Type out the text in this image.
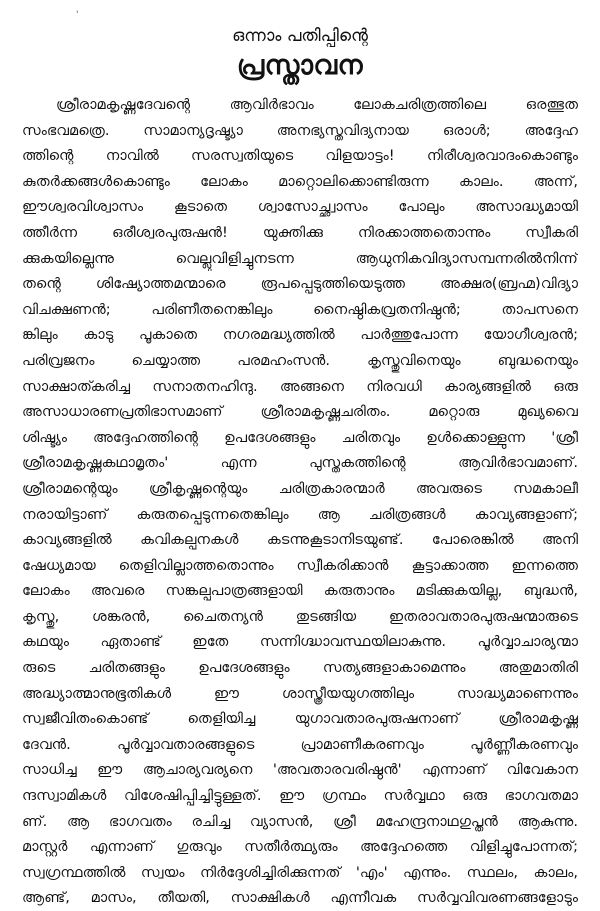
'

ഒന്നാം പതിപ്പിന്റെ

പ്രസ്താവന
ശ്രീരാമകൃഷ്ണദേവന്റെ ആവിർഭാവം ലോകചരിത്രത്തിലെ ഒരത്ഭുത
സംഭവമത്രെ. സാമാന്യദൃഷ്ട്യാ അനഭ്യസ്തവിദ്യനായ ഒരാൾ; അദ്ദേഹ
ത്തിന്റെ നാവിൽ സരസ്വതിയുടെ വിളയാട്ടം! നിരീശ്വരവാദംകൊണ്ടും
കുതർക്കങ്ങൾകൊണ്ടും ലോകം മാറ്റൊലിക്കൊണ്ടിരുന്ന കാലം. അന്ന്,
ഈശ്വരവിശ്വാസം കൂടാതെ ശ്വാസോച്ഛ്വാസം പോലും അസാദ്ധ്യമായി
ത്തീർന്ന ഒരീശ്വരപുരുഷൻ! യുക്തിക്കു നിരക്കാത്തതൊന്നും സ്വീകരി
ക്കുകയില്ലെന്നു വെല്ലുവിളിച്ചുനടന്ന ആധുനികവിദ്യാസമ്പന്നരിൽനിന്ന്
തന്റെ ശിഷ്യോത്തമന്മാരെ രൂപപ്പെടുത്തിയെടുത്ത അക്ഷര(ബ്രഹ്മ)വിദ്യാ
വിചക്ഷണൻ; പരിണീതനെങ്കിലും നൈഷ്ഠികവ്രതനിഷ്ഠൻ; താപസനെ
ങ്കിലും കാടു പൂകാതെ നഗരമദ്ധ്യത്തിൽ പാർത്തുപോന്ന യോഗീശ്വരൻ;
പരിവ്രജനം ചെയ്യാത്ത പരമഹംസൻ. കൃസ്തുവിനെയും ബുദ്ധനെയും
സാക്ഷാത്കരിച്ച സനാതനഹിന്ദു. അങ്ങനെ നിരവധി കാര്യങ്ങളിൽ ഒരു
അസാധാരണപ്രതിഭാസമാണ് ശ്രീരാമകൃഷ്ണചരിതം. മറ്റൊരു മുഖ്യവൈ
ശിഷ്ട്യം അദ്ദേഹത്തിന്റെ ഉപദേശങ്ങളും ചരിതവും ഉൾക്കൊള്ളുന്ന 'ശ്രീ
ശ്രീരാമകൃഷ്ണകഥാമൃതം' എന്ന പുസ്തകത്തിന്റെ ആവിർഭാവമാണ്.
ശ്രീരാമന്റെയും ശ്രീകൃഷ്ണന്റെയും ചരിത്രകാരന്മാർ അവരുടെ സമകാലീ
നരായിട്ടാണ് കരുതപ്പെടുന്നതെങ്കിലും ആ ചരിത്രങ്ങൾ കാവ്യങ്ങളാണ്;
കാവ്യങ്ങളിൽ കവികല്പനകൾ കടന്നുകൂടാനിടയുണ്ട്. പോരെങ്കിൽ അനി
ഷേധ്യമായ തെളിവില്ലാത്തതൊന്നും സ്വീകരിക്കാൻ കൂട്ടാക്കാത്ത ഇന്നത്തെ
ലോകം അവരെ സങ്കല്പപാത്രങ്ങളായി കരുതാനും മടിക്കുകയില്ല, ബുദ്ധൻ,
കൃസ്തു, ശങ്കരൻ, ചൈതന്യൻ തുടങ്ങിയ ഇതരാവതാരപുരുഷന്മാരുടെ
കഥയും ഏതാണ്ട് ഇതേ സന്നിഗ്ദ്ധാവസ്ഥയിലാകുന്നു. പൂർവ്വാചാര്യന്മാ
രുടെ ചരിതങ്ങളും ഉപദേശങ്ങളും സത്യങ്ങളാകാമെന്നും അതുമാതിരി
അദ്ധ്യാത്മാനുഭൂതികൾ ഈ ശാസ്ത്രീയയുഗത്തിലും സാദ്ധ്യമാണെന്നും
സ്വജീവിതംകൊണ്ട് തെളിയിച്ച യുഗാവതാരപുരുഷനാണ് ശ്രീരാമകൃഷ്ണ
ദേവൻ. പൂർവ്വാവതാരങ്ങളുടെ പ്രാമാണീകരണവും പൂർണ്ണീകരണവും
സാധിച്ച ഈ ആചാര്യവര്യനെ 'അവതാരവരിഷ്ഠൻ' എന്നാണ് വിവേകാന
ന്ദസ്വാമികൾ വിശേഷിപ്പിച്ചിട്ടുള്ളത്. ഈ ഗ്രന്ഥം സർവ്വഥാ ഒരു ഭാഗവതമാ
ണ്. ആ ഭാഗവതം രചിച്ച വ്യാസൻ, ശ്രീ മഹേന്ദ്രനാഥഗുപ്തൻ ആകുന്നു.
മാസ്റ്റർ എന്നാണ് ഗുരുവും സതീർത്ഥ്യരും അദ്ദേഹത്തെ വിളിച്ചുപോന്നത്;
സ്വഗ്രന്ഥത്തിൽ സ്വയം നിർദ്ദേശിച്ചിരിക്കുന്നത് 'എം' എന്നും. സ്ഥലം, കാലം,
ആണ്ട്, മാസം, തീയതി, സാക്ഷികൾ എന്നീവക സർവ്വവിവരണങ്ങളോടും
